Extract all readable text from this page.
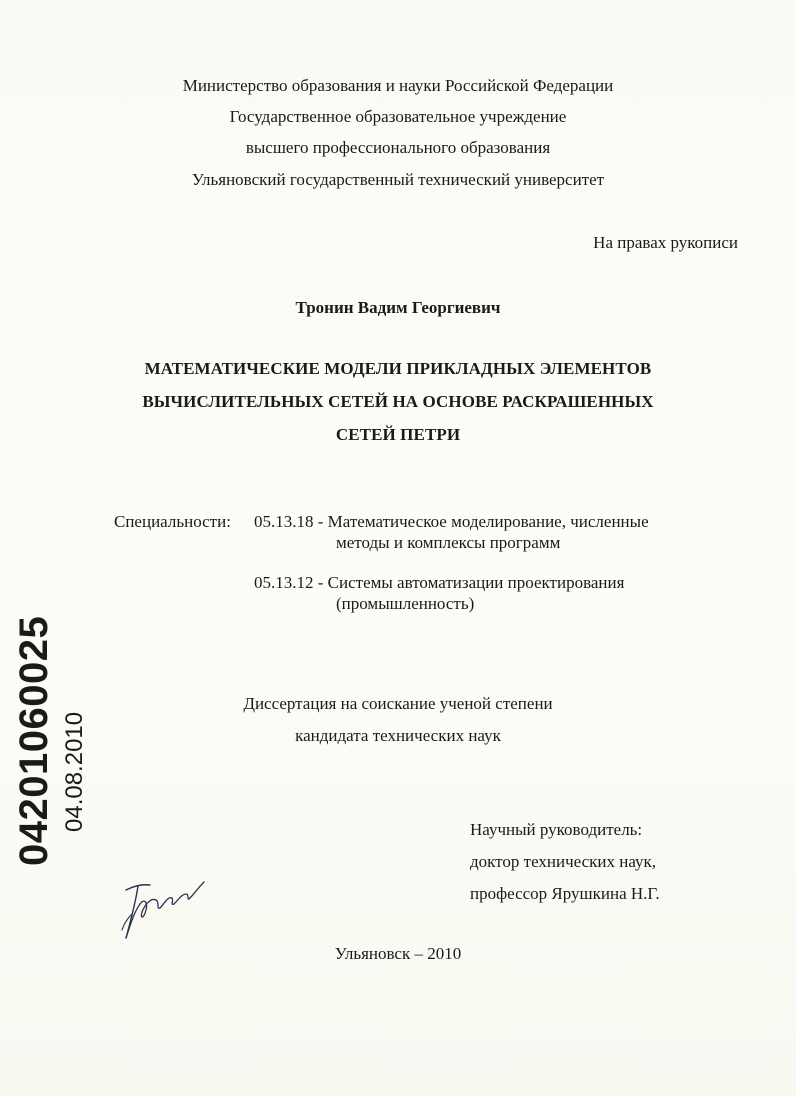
Министерство образования и науки Российской Федерации
Государственное образовательное учреждение
высшего профессионального образования
Ульяновский государственный технический университет
На правах рукописи
Тронин Вадим Георгиевич
МАТЕМАТИЧЕСКИЕ МОДЕЛИ ПРИКЛАДНЫХ ЭЛЕМЕНТОВ
ВЫЧИСЛИТЕЛЬНЫХ СЕТЕЙ НА ОСНОВЕ РАСКРАШЕННЫХ
СЕТЕЙ ПЕТРИ
Специальности: 05.13.18 - Математическое моделирование, численные
методы и комплексы программ
05.13.12 - Системы автоматизации проектирования
(промышленность)
Диссертация на соискание ученой степени
кандидата технических наук
Научный руководитель:
доктор технических наук,
профессор Ярушкина Н.Г.
Ульяновск – 2010
04201060025 04.08.2010
